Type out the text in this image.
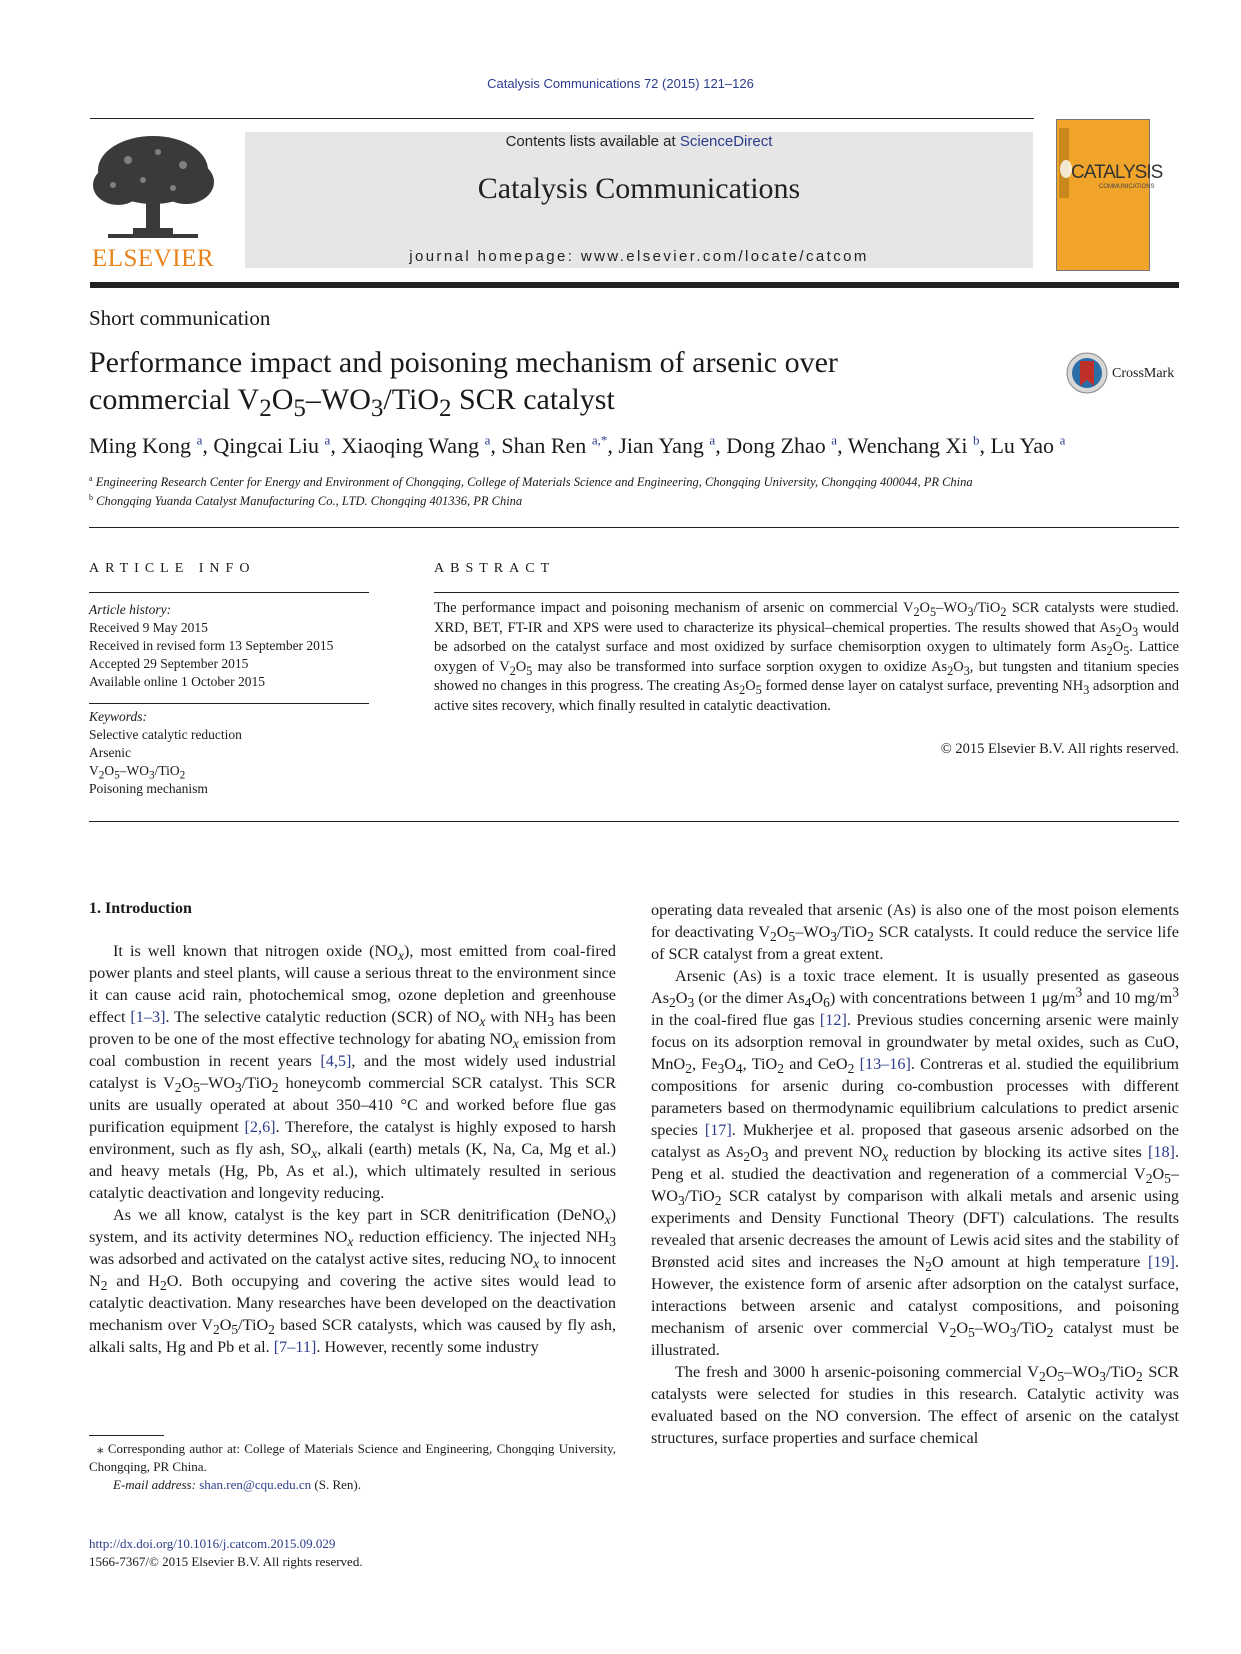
Catalysis Communications 72 (2015) 121–126
ELSEVIER
Contents lists available at ScienceDirect
Catalysis Communications
journal homepage: www.elsevier.com/locate/catcom
CATALYSIS
COMMUNICATIONS
Short communication
Performance impact and poisoning mechanism of arsenic over
commercial $V_2O_5-WO_3/TiO_2$ SCR catalyst
CrossMark
Ming Kong $^a$, Qingcai Liu $^a$, Xiaoqing Wang $^a$, Shan Ren $^{a,*}$, Jian Yang $^a$, Dong Zhao $^a$, Wenchang Xi $^b$, Lu Yao $^a$
$^a$ Engineering Research Center for Energy and Environment of Chongqing, College of Materials Science and Engineering, Chongqing University, Chongqing 400044, PR China
$^b$ Chongqing Yuanda Catalyst Manufacturing Co., LTD. Chongqing 401336, PR China
ARTICLE INFO
Article history:
Received 9 May 2015
Received in revised form 13 September 2015
Accepted 29 September 2015
Available online 1 October 2015
Keywords:
Selective catalytic reduction
Arsenic
$V_2O_5-WO_3/TiO_2$
Poisoning mechanism
ABSTRACT
The performance impact and poisoning mechanism of arsenic on commercial $V_2O_5-WO_3/TiO_2$ SCR catalysts were studied. XRD, BET, FT-IR and XPS were used to characterize its physical–chemical properties. The results showed that $As_2O_3$ would be adsorbed on the catalyst surface and most oxidized by surface chemisorption oxygen to ultimately form $As_2O_5$. Lattice oxygen of $V_2O_5$ may also be transformed into surface sorption oxygen to oxidize $As_2O_3$, but tungsten and titanium species showed no changes in this progress. The creating $As_2O_5$ formed dense layer on catalyst surface, preventing $NH_3$ adsorption and active sites recovery, which finally resulted in catalytic deactivation.
© 2015 Elsevier B.V. All rights reserved.
1. Introduction

It is well known that nitrogen oxide $(NO_x)$, most emitted from coal-fired power plants and steel plants, will cause a serious threat to the environment since it can cause acid rain, photochemical smog, ozone depletion and greenhouse effect [1–3]. The selective catalytic reduction (SCR) of $NO_x$ with $NH_3$ has been proven to be one of the most effective technology for abating $NO_x$ emission from coal combustion in recent years [4,5], and the most widely used industrial catalyst is $V_2O_5-WO_3/TiO_2$ honeycomb commercial SCR catalyst. This SCR units are usually operated at about 350–410 °C and worked before flue gas purification equipment [2,6]. Therefore, the catalyst is highly exposed to harsh environment, such as fly ash, $SO_x$, alkali (earth) metals (K, Na, Ca, Mg et al.) and heavy metals (Hg, Pb, As et al.), which ultimately resulted in serious catalytic deactivation and longevity reducing.

As we all know, catalyst is the key part in SCR denitrification (DeNO$_x$) system, and its activity determines $NO_x$ reduction efficiency. The injected $NH_3$ was adsorbed and activated on the catalyst active sites, reducing $NO_x$ to innocent $N_2$ and $H_2O$. Both occupying and covering the active sites would lead to catalytic deactivation. Many researches have been developed on the deactivation mechanism over $V_2O_5/TiO_2$ based SCR catalysts, which was caused by fly ash, alkali salts, Hg and Pb et al. [7–11]. However, recently some industry

operating data revealed that arsenic (As) is also one of the most poison elements for deactivating $V_2O_5-WO_3/TiO_2$ SCR catalysts. It could reduce the service life of SCR catalyst from a great extent.

Arsenic (As) is a toxic trace element. It is usually presented as gaseous $As_2O_3$ (or the dimer $As_4O_6$) with concentrations between 1 $\mu g/m^3$ and 10 $mg/m^3$ in the coal-fired flue gas [12]. Previous studies concerning arsenic were mainly focus on its adsorption removal in groundwater by metal oxides, such as CuO, MnO$_2$, $Fe_3O_4$, TiO$_2$ and CeO$_2$ [13–16]. Contreras et al. studied the equilibrium compositions for arsenic during co-combustion processes with different parameters based on thermodynamic equilibrium calculations to predict arsenic species [17]. Mukherjee et al. proposed that gaseous arsenic adsorbed on the catalyst as $As_2O_3$ and prevent $NO_x$ reduction by blocking its active sites [18]. Peng et al. studied the deactivation and regeneration of a commercial $V_2O_5-WO_3/TiO_2$ SCR catalyst by comparison with alkali metals and arsenic using experiments and Density Functional Theory (DFT) calculations. The results revealed that arsenic decreases the amount of Lewis acid sites and the stability of Brønsted acid sites and increases the $N_2O$ amount at high temperature [19]. However, the existence form of arsenic after adsorption on the catalyst surface, interactions between arsenic and catalyst compositions, and poisoning mechanism of arsenic over commercial $V_2O_5-WO_3/TiO_2$ catalyst must be illustrated.

The fresh and 3000 h arsenic-poisoning commercial $V_2O_5-WO_3/TiO_2$ SCR catalysts were selected for studies in this research. Catalytic activity was evaluated based on the NO conversion. The effect of arsenic on the catalyst structures, surface properties and surface chemical

⁎ Corresponding author at: College of Materials Science and Engineering, Chongqing University, Chongqing, PR China.
E-mail address: shan.ren@cqu.edu.cn (S. Ren).
http://dx.doi.org/10.1016/j.catcom.2015.09.029
1566-7367/© 2015 Elsevier B.V. All rights reserved.
